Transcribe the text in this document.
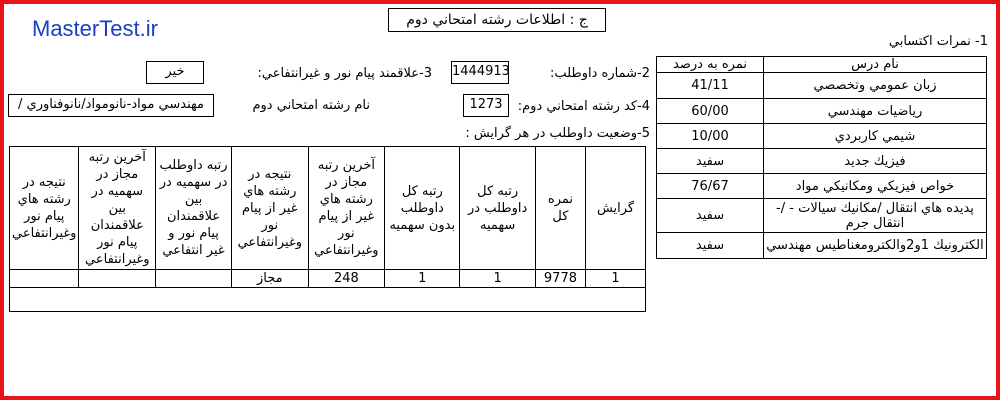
MasterTest.ir	ج : اطلاعات رشته امتحاني دوم
1- نمرات اكتسابي
نام درس	نمره به درصد
زبان عمومي وتخصصي	41/11
رياضيات مهندسي	60/00
شيمي كاربردي	10/00
فيزيك جديد	سفيد
خواص فيزيكي ومكانيكي مواد	76/67
پديده هاي انتقال /مكانيك سيالات - /- انتقال جرم	سفيد
الكترونيك 1و2والكترومغناطيس مهندسي	سفيد
2-شماره داوطلب:
1444913
3-علاقمند پيام نور و غيرانتفاعي:
خير
4-كد رشته امتحاني دوم:
1273
نام رشته امتحاني دوم
مهندسي مواد-نانومواد/نانوفناوري /
5-وضعيت داوطلب در هر گرايش :
گرايش	نمره كل	رتبه كل داوطلب در سهميه	رتبه كل داوطلب بدون سهميه	آخرين رتبه مجاز در رشته هاي غير از پيام نور وغيرانتفاعي	نتيجه در رشته هاي غير از پيام نور وغيرانتفاعي	رتبه داوطلب در سهميه در بين علاقمندان پيام نور و غير انتفاعي	آخرين رتبه مجاز در سهميه در بين علاقمندان پيام نور وغيرانتفاعي	نتيجه در رشته هاي پيام نور وغيرانتفاعي
1	9778	1	1	248	مجاز			
